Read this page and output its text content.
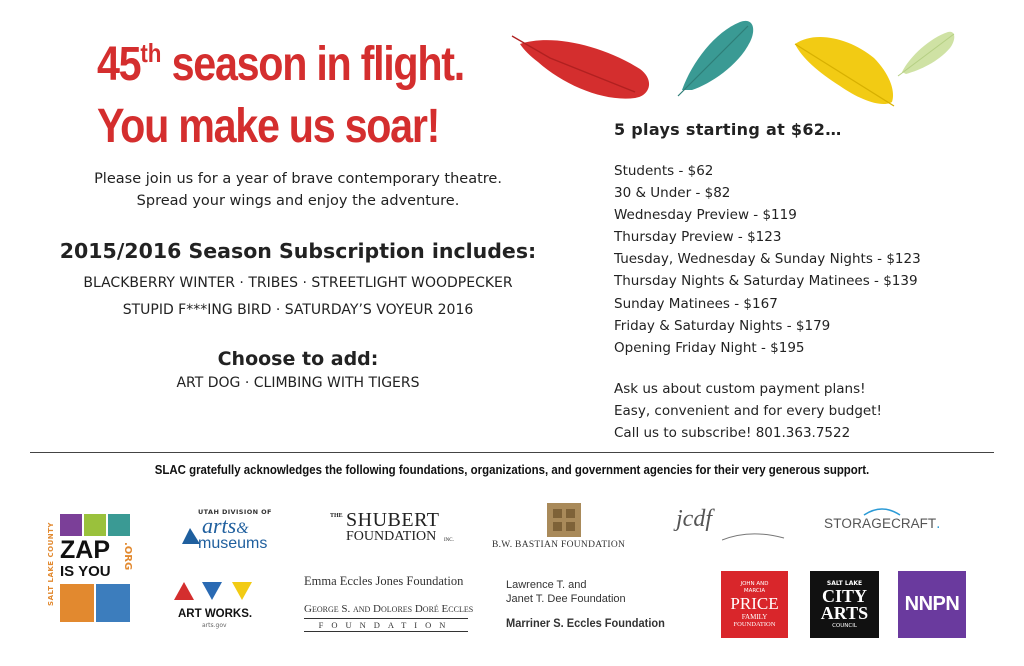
45th season in flight.
You make us soar!
Please join us for a year of brave contemporary theatre.
Spread your wings and enjoy the adventure.
2015/2016 Season Subscription includes:
BLACKBERRY WINTER · TRIBES · STREETLIGHT WOODPECKER
STUPID F***ING BIRD · SATURDAY’S VOYEUR 2016
Choose to add:
ART DOG · CLIMBING WITH TIGERS
5 plays starting at $62…
Students - $62
30 & Under - $82
Wednesday Preview - $119
Thursday Preview - $123
Tuesday, Wednesday & Sunday Nights - $123
Thursday Nights & Saturday Matinees - $139
Sunday Matinees - $167
Friday & Saturday Nights - $179
Opening Friday Night - $195
Ask us about custom payment plans!
Easy, convenient and for every budget!
Call us to subscribe! 801.363.7522
SLAC gratefully acknowledges the following foundations, organizations, and government agencies for their very generous support.
SALT LAKE COUNTY ZAP
IS YOU
.ORG
UTAH DIVISION OF
arts&
museums
ART WORKS.
arts.gov
THE SHUBERT
FOUNDATION INC.
Emma Eccles Jones Foundation
George S. and Dolores Doré Eccles
FOUNDATION
B.W. BASTIAN FOUNDATION
Lawrence T. and
Janet T. Dee Foundation
Marriner S. Eccles Foundation
jcdf	STORAGECRAFT.
JOHN AND MARCIA
PRICE
FAMILY
FOUNDATION
SALT LAKE
CITY
ARTS
COUNCIL
NNPN
